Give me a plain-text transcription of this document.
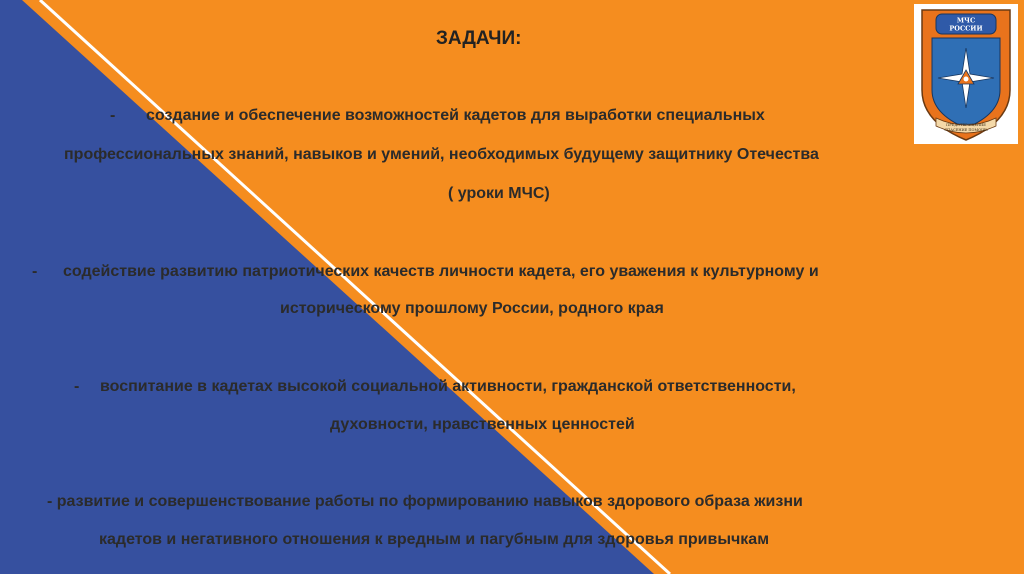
ЗАДАЧИ:
- создание и обеспечение возможностей кадетов для выработки специальных
профессиональных знаний, навыков и умений, необходимых будущему защитнику Отечества
( уроки МЧС)
- содействие развитию патриотических качеств личности кадета, его уважения к культурному и
историческому прошлому России, родного края
- воспитание в кадетах высокой социальной активности, гражданской ответственности,
духовности, нравственных ценностей
- развитие и совершенствование работы по формированию навыков здорового образа жизни
кадетов и негативного отношения к вредным и пагубным для здоровья привычкам
МЧС
РОССИИ
ПРЕДОТВРАЩЕНИЕ
СПАСЕНИЕ ПОМОЩЬ
